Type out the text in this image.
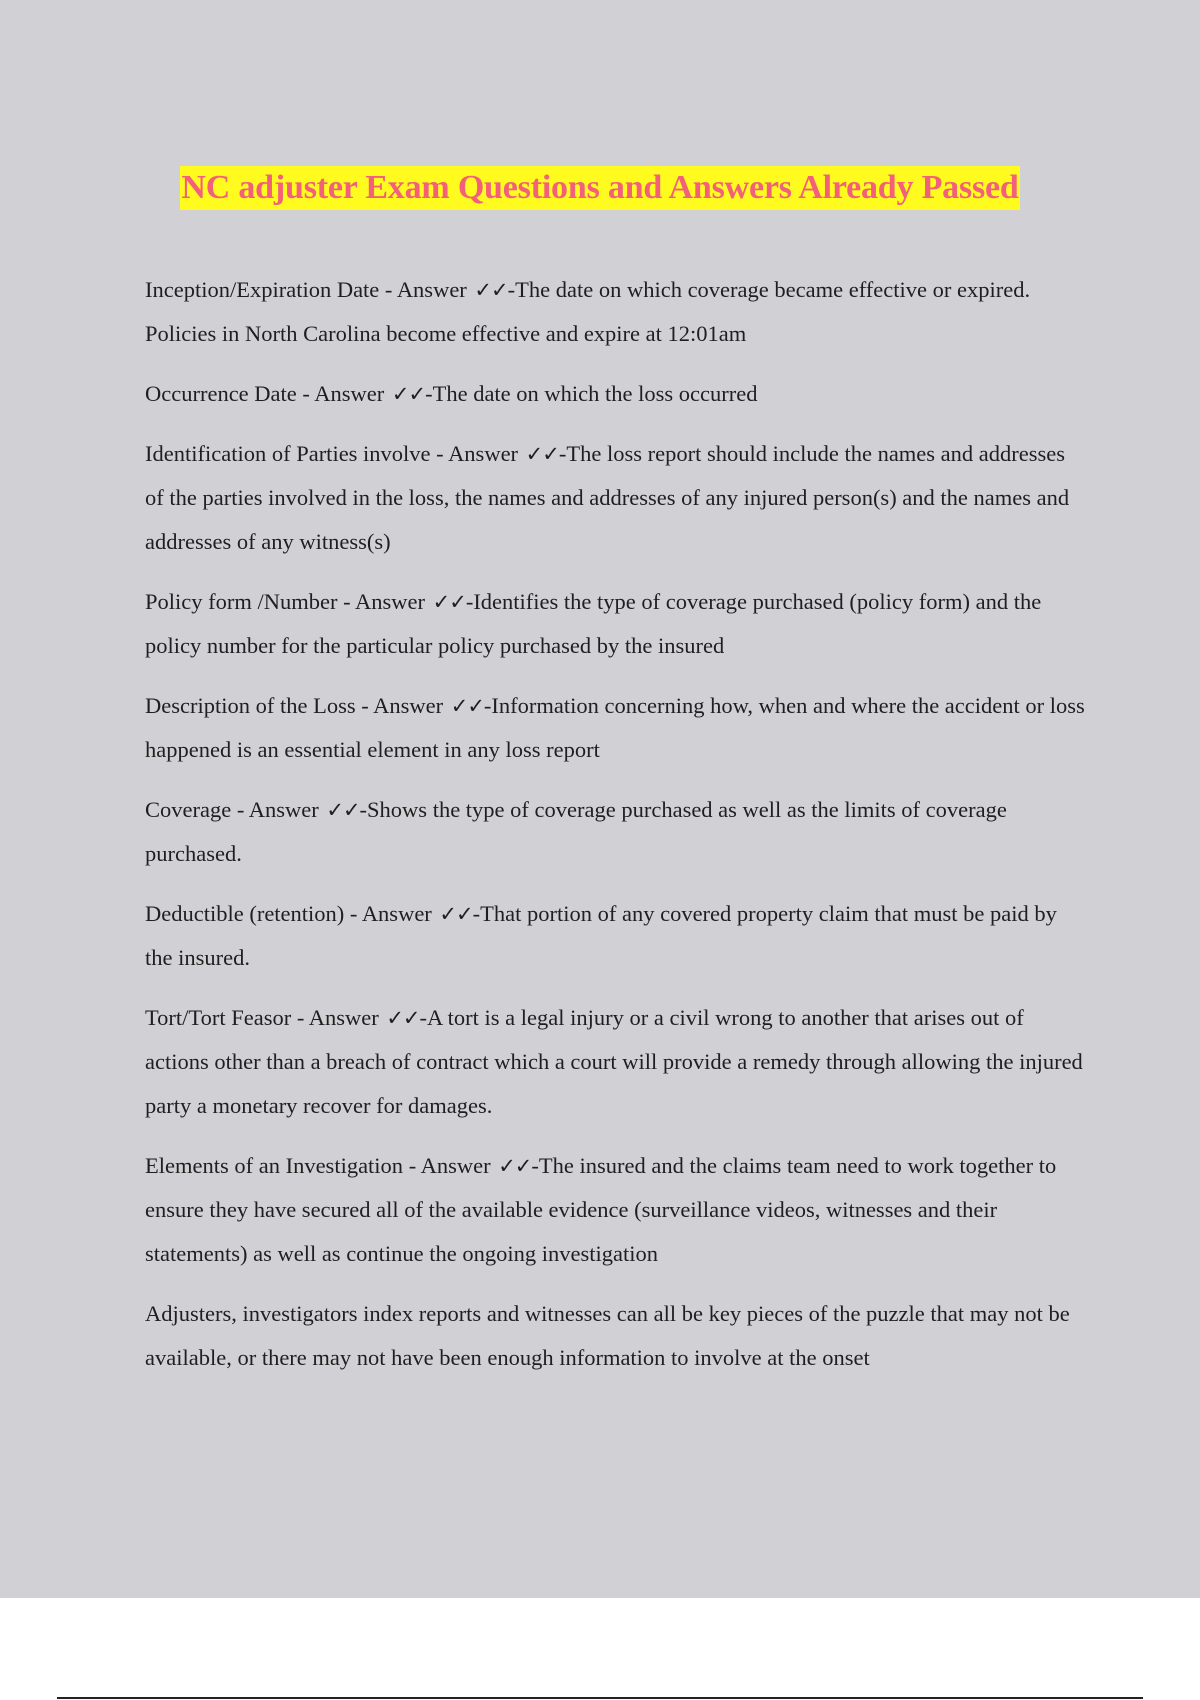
NC adjuster Exam Questions and Answers Already Passed

Inception/Expiration Date - Answer ✓✓-The date on which coverage became effective or expired. Policies in North Carolina become effective and expire at 12:01am

Occurrence Date - Answer ✓✓-The date on which the loss occurred

Identification of Parties involve - Answer ✓✓-The loss report should include the names and addresses of the parties involved in the loss, the names and addresses of any injured person(s) and the names and addresses of any witness(s)

Policy form /Number - Answer ✓✓-Identifies the type of coverage purchased (policy form) and the policy number for the particular policy purchased by the insured

Description of the Loss - Answer ✓✓-Information concerning how, when and where the accident or loss happened is an essential element in any loss report

Coverage - Answer ✓✓-Shows the type of coverage purchased as well as the limits of coverage purchased.

Deductible (retention) - Answer ✓✓-That portion of any covered property claim that must be paid by the insured.

Tort/Tort Feasor - Answer ✓✓-A tort is a legal injury or a civil wrong to another that arises out of actions other than a breach of contract which a court will provide a remedy through allowing the injured party a monetary recover for damages.

Elements of an Investigation - Answer ✓✓-The insured and the claims team need to work together to ensure they have secured all of the available evidence (surveillance videos, witnesses and their statements) as well as continue the ongoing investigation

Adjusters, investigators index reports and witnesses can all be key pieces of the puzzle that may not be available, or there may not have been enough information to involve at the onset
